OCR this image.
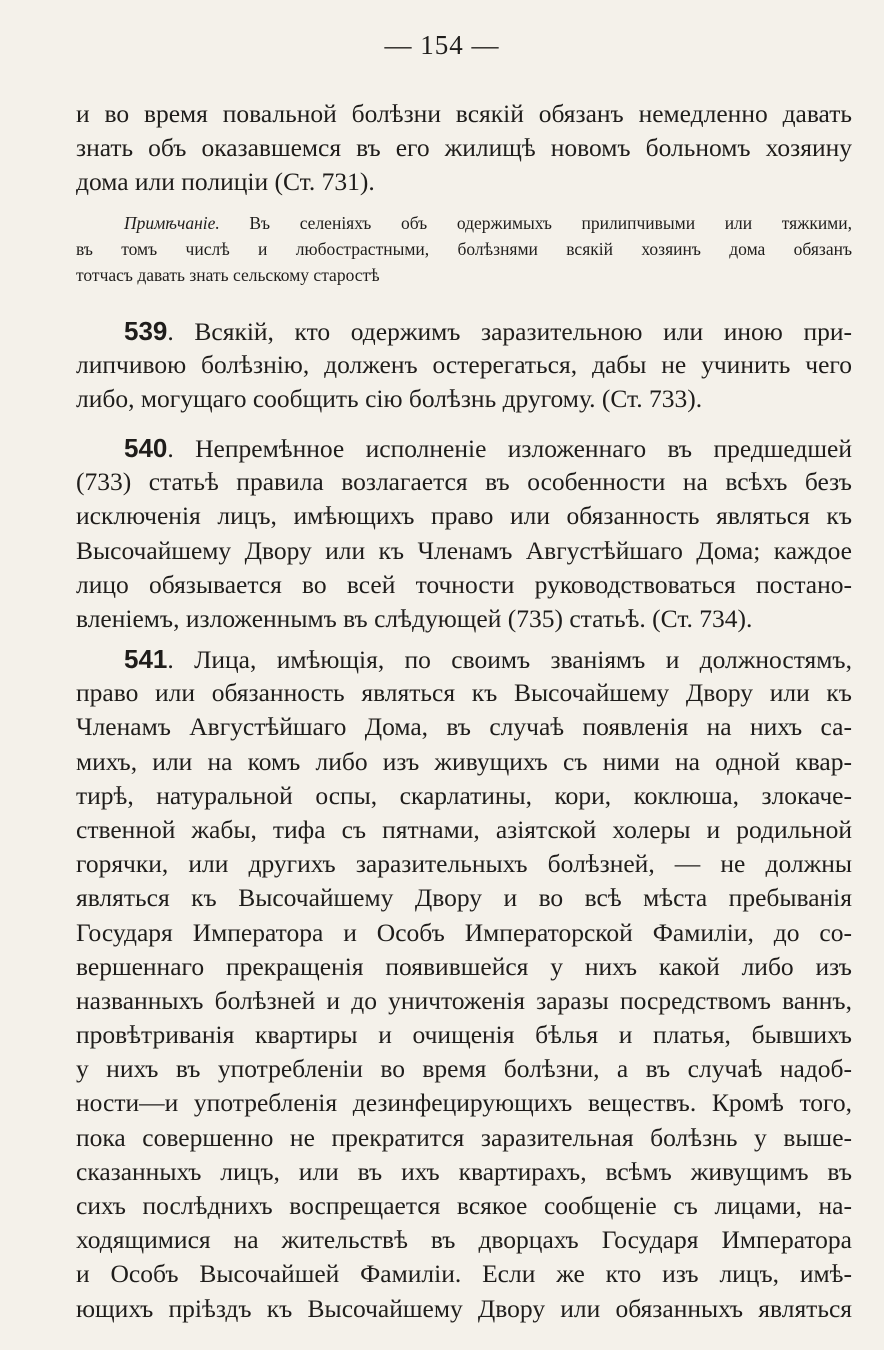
— 154 —
и во время повальной болѣзни всякій обязанъ немедленно давать
знать объ оказавшемся въ его жилищѣ новомъ больномъ хозяину
дома или полиціи (Ст. 731).
Примѣчаніе. Въ селеніяхъ объ одержимыхъ прилипчивыми или тяжкими,
въ томъ числѣ и любострастными, болѣзнями всякій хозяинъ дома обязанъ
тотчасъ давать знать сельскому старостѣ
539. Всякій, кто одержимъ заразительною или иною при-
липчивою болѣзнію, долженъ остерегаться, дабы не учинить чего
либо, могущаго сообщить сію болѣзнь другому. (Ст. 733).
540. Непремѣнное исполненіе изложеннаго въ предшедшей
(733) статьѣ правила возлагается въ особенности на всѣхъ безъ
исключенія лицъ, имѣющихъ право или обязанность являться къ
Высочайшему Двору или къ Членамъ Августѣйшаго Дома; каждое
лицо обязывается во всей точности руководствоваться постано-
вленіемъ, изложеннымъ въ слѣдующей (735) статьѣ. (Ст. 734).
541. Лица, имѣющія, по своимъ званіямъ и должностямъ,
право или обязанность являться къ Высочайшему Двору или къ
Членамъ Августѣйшаго Дома, въ случаѣ появленія на нихъ са-
михъ, или на комъ либо изъ живущихъ съ ними на одной квар-
тирѣ, натуральной оспы, скарлатины, кори, коклюша, злокаче-
ственной жабы, тифа съ пятнами, азіятской холеры и родильной
горячки, или другихъ заразительныхъ болѣзней, — не должны
являться къ Высочайшему Двору и во всѣ мѣста пребыванія
Государя Императора и Особъ Императорской Фамиліи, до со-
вершеннаго прекращенія появившейся у нихъ какой либо изъ
названныхъ болѣзней и до уничтоженія заразы посредствомъ ваннъ,
провѣтриванія квартиры и очищенія бѣлья и платья, бывшихъ
у нихъ въ употребленіи во время болѣзни, а въ случаѣ надоб-
ности—и употребленія дезинфецирующихъ веществъ. Кромѣ того,
пока совершенно не прекратится заразительная болѣзнь у выше-
сказанныхъ лицъ, или въ ихъ квартирахъ, всѣмъ живущимъ въ
сихъ послѣднихъ воспрещается всякое сообщеніе съ лицами, на-
ходящимися на жительствѣ въ дворцахъ Государя Императора
и Особъ Высочайшей Фамиліи. Если же кто изъ лицъ, имѣ-
ющихъ пріѣздъ къ Высочайшему Двору или обязанныхъ являться
